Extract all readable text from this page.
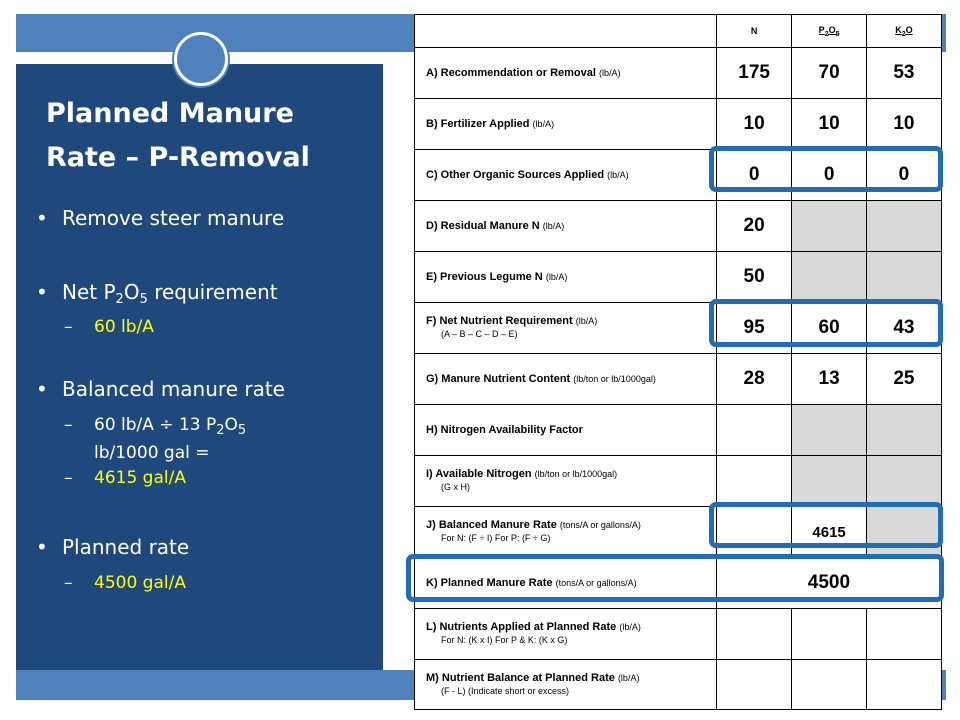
Planned Manure
Rate – P-Removal
• Remove steer manure
• Net $P_2O_5$ requirement
– 60 lb/A
• Balanced manure rate
– 60 lb/A ÷ 13 $P_2O_5$
lb/1000 gal =
– 4615 gal/A
• Planned rate
– 4500 gal/A
	N	$P_2O_5$	$K_2O$
A) Recommendation or Removal (lb/A)	175	70	53
B) Fertilizer Applied (lb/A)	10	10	10
C) Other Organic Sources Applied (lb/A)	0	0	0
D) Residual Manure N (lb/A)	20		
E) Previous Legume N (lb/A)	50		
F) Net Nutrient Requirement (lb/A)
(A – B – C – D – E)	95	60	43
G) Manure Nutrient Content (lb/ton or lb/1000gal)	28	13	25
H) Nitrogen Availability Factor			
I) Available Nitrogen (lb/ton or lb/1000gal)
(G x H)			

J) Balanced Manure Rate (tons/A or gallons/A)
For N: (F ÷ I) For P: (F ÷ G)		4615	
K) Planned Manure Rate (tons/A or gallons/A)	4500		
L) Nutrients Applied at Planned Rate (lb/A)
For N: (K x I) For P & K: (K x G)			

M) Nutrient Balance at Planned Rate (lb/A)
(F - L) (Indicate short or excess)			
